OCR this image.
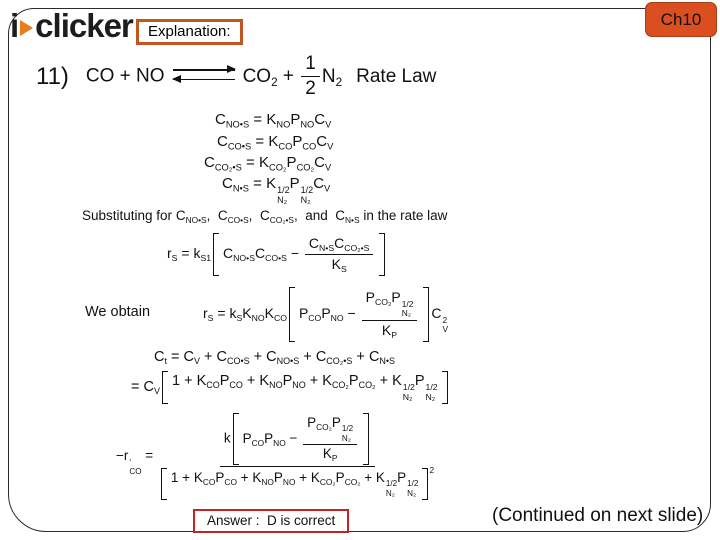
Ch10
i clicker	Explanation:
11) CO + NO	$CO_2 + \frac{1}{2} N_2$ Rate Law
$C_{NO•S} = K_{NO}P_{NO}C_V$
$C_{CO•S} = K_{CO}P_{CO}C_V$
$C_{CO_2•S} = K_{CO_2}P_{CO_2}C_V$
$C_{N•S} = K$ 1/2
N₂
P 1/2
N₂
$C_V$
Substituting for $C_{NO•S}$,  $C_{CO•S}$,  $C_{CO_2•S}$,  and  $C_{N•S}$ in the rate law
$r_S = k_{S1}$ $C_{NO•S}C_{CO•S} - \frac{C_{N•S}C_{CO_2•S}}{K_S}$
We obtain	$r_S = k_SK_{NO}K_{CO}$ $P_{CO}P_{NO} - P_{CO_2}P$ 1/2
N₂
$K_P$ C 2
V
$C_t = C_V + C_{CO•S} + C_{NO•S} + C_{CO_2•S} + C_{N•S}$
= $C_V$
$1 + K_{CO}P_{CO} + K_{NO}P_{NO} + K_{CO_2}P_{CO_2} + K$ 1/2
N₂
P 1/2
N₂
−r ′
CO
= k $P_{CO}P_{NO} - P_{CO_2}P$ 1/2
N₂
$K_P$
$1 + K_{CO}P_{CO} + K_{NO}P_{NO} + K_{CO_2}P_{CO_2} + K$ 1/2
N₂
P 1/2
N₂
2
Answer :  D is correct	(Continued on next slide)
